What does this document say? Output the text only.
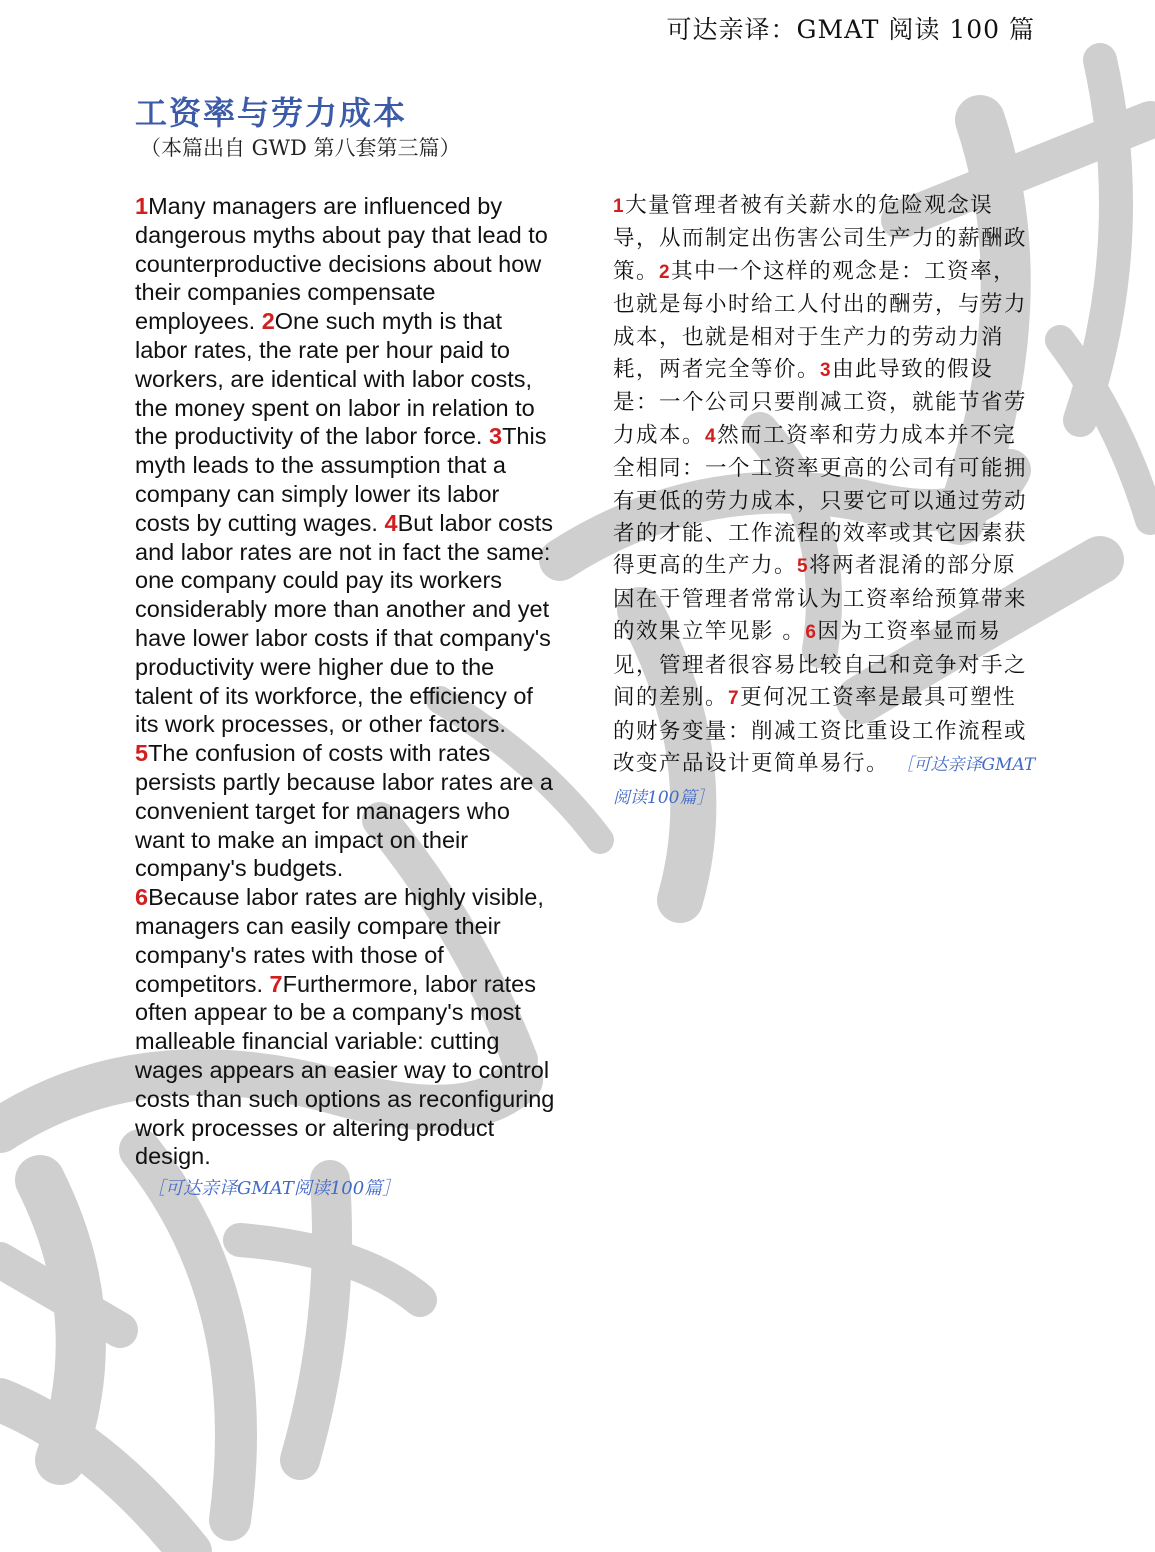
可达亲译：GMAT 阅读 100 篇
工资率与劳力成本
（本篇出自 GWD 第八套第三篇）
1Many managers are influenced by dangerous myths about pay that lead to counterproductive decisions about how their companies compensate employees. 2One such myth is that labor rates, the rate per hour paid to workers, are identical with labor costs, the money spent on labor in relation to the productivity of the labor force. 3This myth leads to the assumption that a company can simply lower its labor costs by cutting wages. 4But labor costs and labor rates are not in fact the same: one company could pay its workers considerably more than another and yet have lower labor costs if that company's productivity were higher due to the talent of its workforce, the efficiency of its work processes, or other factors. 5The confusion of costs with rates persists partly because labor rates are a convenient target for managers who want to make an impact on their company's budgets.
6Because labor rates are highly visible, managers can easily compare their company's rates with those of competitors. 7Furthermore, labor rates often appear to be a company's most malleable financial variable: cutting wages appears an easier way to control costs than such options as reconfiguring work processes or altering product design.
［可达亲译GMAT阅读100篇］
1大量管理者被有关薪水的危险观念误导，从而制定出伤害公司生产力的薪酬政策。2其中一个这样的观念是：工资率，也就是每小时给工人付出的酬劳，与劳力成本，也就是相对于生产力的劳动力消耗，两者完全等价。3由此导致的假设是：一个公司只要削减工资，就能节省劳力成本。4然而工资率和劳力成本并不完全相同：一个工资率更高的公司有可能拥有更低的劳力成本，只要它可以通过劳动者的才能、工作流程的效率或其它因素获得更高的生产力。5将两者混淆的部分原因在于管理者常常认为工资率给预算带来的效果立竿见影 。6因为工资率显而易见，管理者很容易比较自己和竞争对手之间的差别。7更何况工资率是最具可塑性的财务变量：削减工资比重设工作流程或改变产品设计更简单易行。 ［可达亲译GMAT阅读100篇］
